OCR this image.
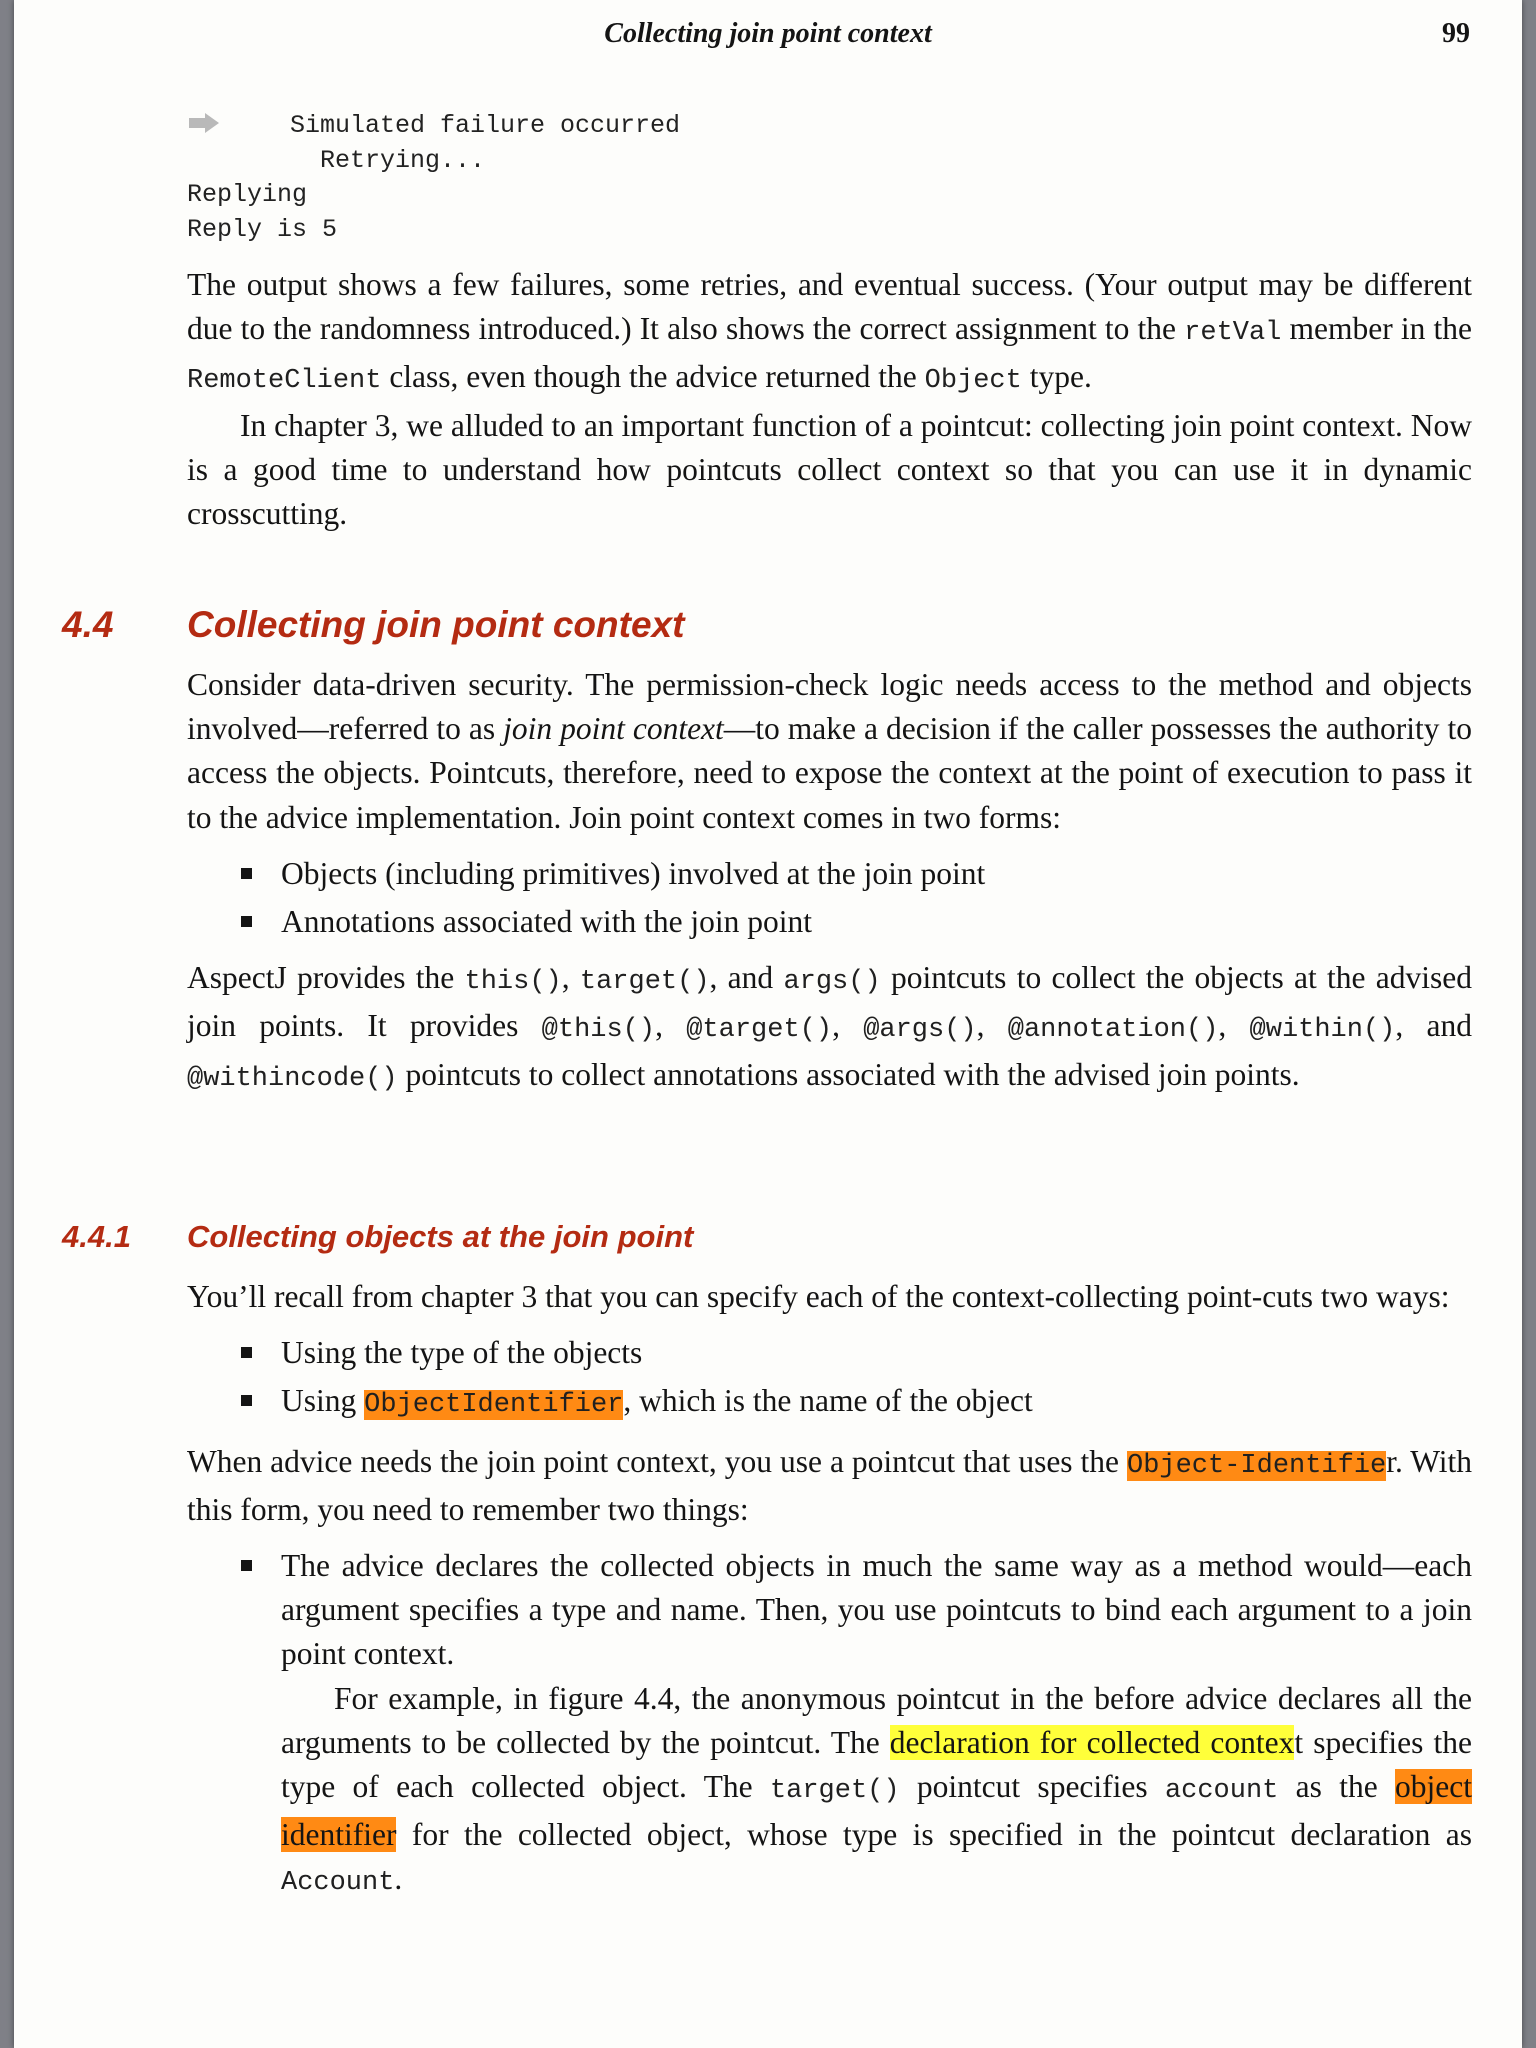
Collecting join point context	99
Simulated failure occurred
Retrying...
Replying
Reply is 5

The output shows a few failures, some retries, and eventual success. (Your output may be different due to the randomness introduced.) It also shows the correct assignment to the retVal member in the RemoteClient class, even though the advice returned the Object type.

In chapter 3, we alluded to an important function of a pointcut: collecting join point context. Now is a good time to understand how pointcuts collect context so that you can use it in dynamic crosscutting.

4.4 Collecting join point context

Consider data-driven security. The permission-check logic needs access to the method and objects involved—referred to as join point context—to make a decision if the caller possesses the authority to access the objects. Pointcuts, therefore, need to expose the context at the point of execution to pass it to the advice implementation. Join point context comes in two forms:

Objects (including primitives) involved at the join point
Annotations associated with the join point

AspectJ provides the this(), target(), and args() pointcuts to collect the objects at the advised join points. It provides @this(), @target(), @args(), @annotation(), @within(), and @withincode() pointcuts to collect annotations associated with the advised join points.

4.4.1 Collecting objects at the join point

You’ll recall from chapter 3 that you can specify each of the context-collecting point-cuts two ways:

Using the type of the objects
Using ObjectIdentifier, which is the name of the object

When advice needs the join point context, you use a pointcut that uses the Object-Identifier. With this form, you need to remember two things:

The advice declares the collected objects in much the same way as a method would—each argument specifies a type and name. Then, you use pointcuts to bind each argument to a join point context.

For example, in figure 4.4, the anonymous pointcut in the before advice declares all the arguments to be collected by the pointcut. The declaration for collected context specifies the type of each collected object. The target() pointcut specifies account as the object identifier for the collected object, whose type is specified in the pointcut declaration as Account.
